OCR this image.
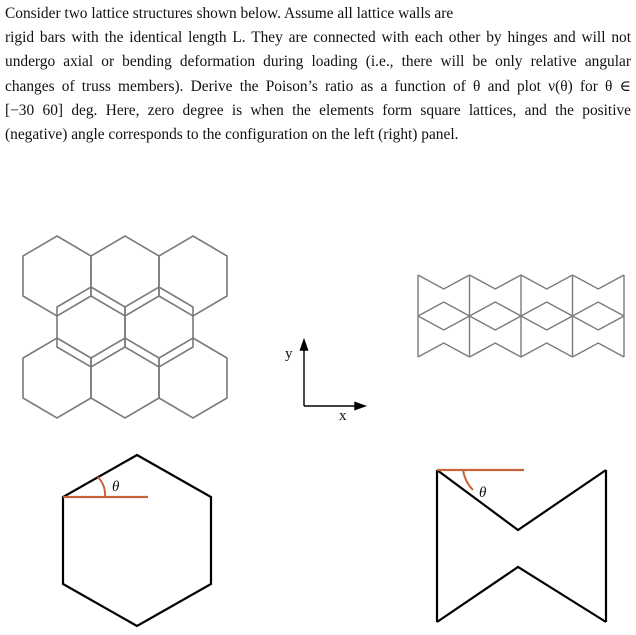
Consider two lattice structures shown below. Assume all lattice walls are
rigid bars with the identical length L. They are connected with each other by hinges and will not
undergo axial or bending deformation during loading (i.e., there will be only relative angular
changes of truss members). Derive the Poison’s ratio as a function of θ and plot ν(θ) for θ ∈
[−30 60] deg. Here, zero degree is when the elements form square lattices, and the positive
(negative) angle corresponds to the configuration on the left (right) panel.
y
x
θ	θ
